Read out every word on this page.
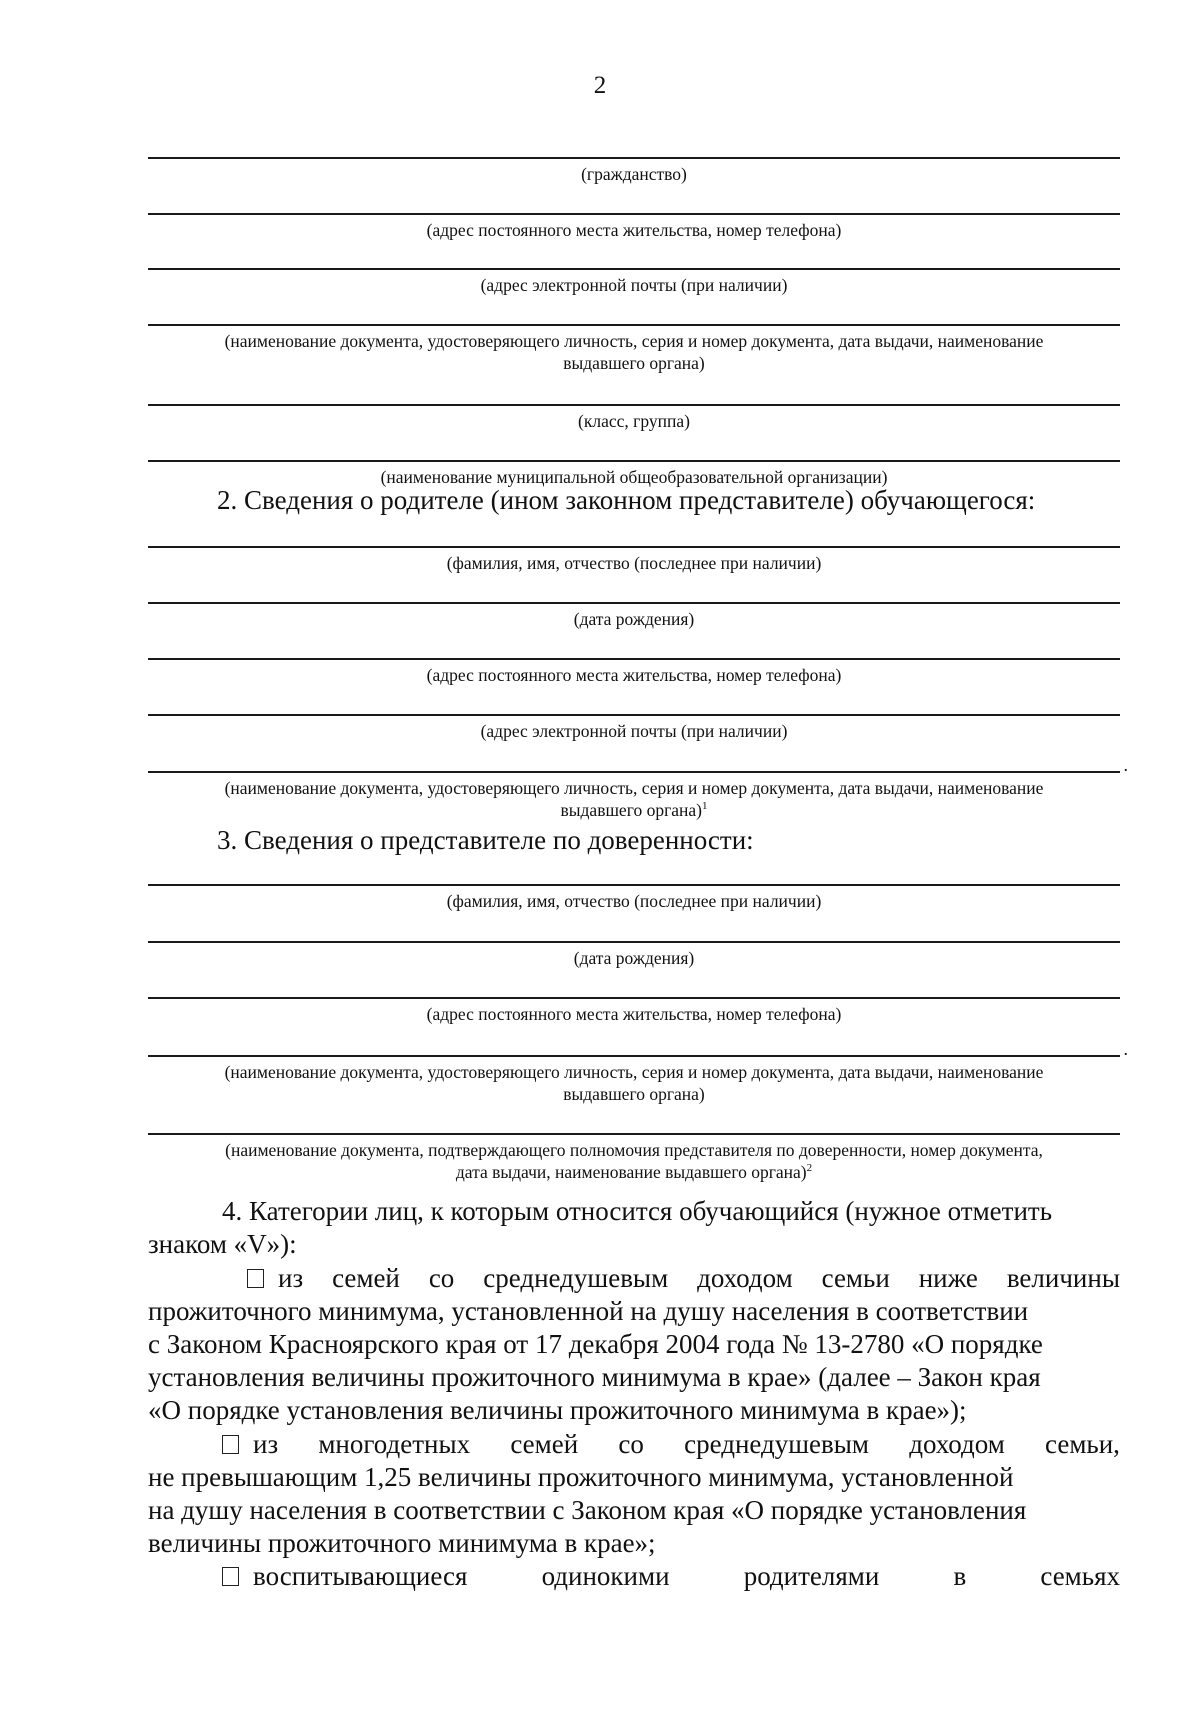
2
(гражданство)
(адрес постоянного места жительства, номер телефона)
(адрес электронной почты (при наличии)
(наименование документа, удостоверяющего личность, серия и номер документа, дата выдачи, наименование
выдавшего органа)
(класс, группа)
(наименование муниципальной общеобразовательной организации)
2. Сведения о родителе (ином законном представителе) обучающегося:
(фамилия, имя, отчество (последнее при наличии)
(дата рождения)
(адрес постоянного места жительства, номер телефона)
(адрес электронной почты (при наличии)
.
(наименование документа, удостоверяющего личность, серия и номер документа, дата выдачи, наименование
выдавшего органа)$^1$
3. Сведения о представителе по доверенности:
(фамилия, имя, отчество (последнее при наличии)
(дата рождения)
(адрес постоянного места жительства, номер телефона)
.
(наименование документа, удостоверяющего личность, серия и номер документа, дата выдачи, наименование
выдавшего органа)
(наименование документа, подтверждающего полномочия представителя по доверенности, номер документа,
дата выдачи, наименование выдавшего органа)$^2$
4. Категории лиц, к которым относится обучающийся (нужное отметить
знаком «V»):
из семей со среднедушевым доходом семьи ниже величины
прожиточного минимума, установленной на душу населения в соответствии
с Законом Красноярского края от 17 декабря 2004 года № 13-2780 «О порядке
установления величины прожиточного минимума в крае» (далее – Закон края
«О порядке установления величины прожиточного минимума в крае»);
из многодетных семей со среднедушевым доходом семьи,
не превышающим 1,25 величины прожиточного минимума, установленной
на душу населения в соответствии с Законом края «О порядке установления
величины прожиточного минимума в крае»;
воспитывающиеся	одинокими	родителями	в	семьях
